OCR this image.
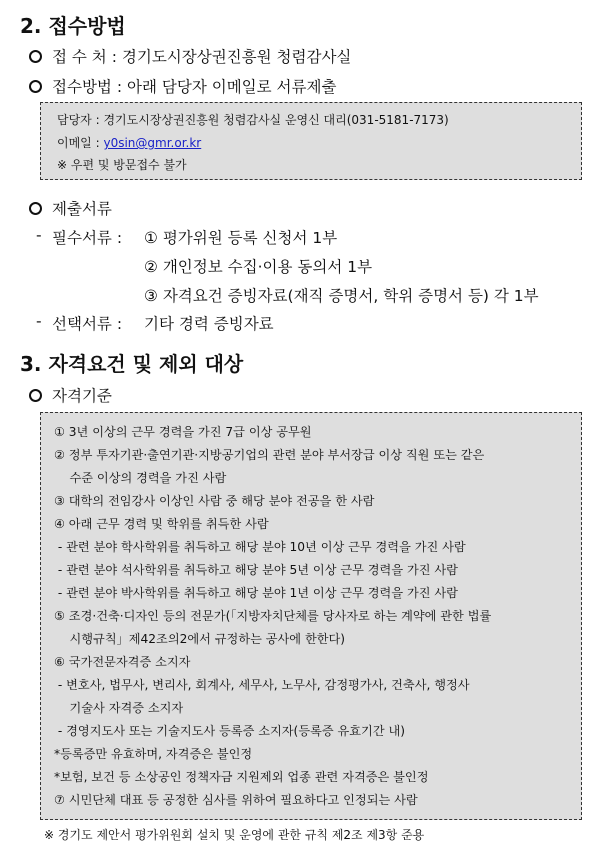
2. 접수방법
접 수 처 : 경기도시장상권진흥원 청렴감사실
접수방법 : 아래 담당자 이메일로 서류제출
담당자 : 경기도시장상권진흥원 청렴감사실 운영신 대리(031-5181-7173)
이메일 : y0sin@gmr.or.kr
※ 우편 및 방문접수 불가
제출서류
- 필수서류 : ① 평가위원 등록 신청서 1부
② 개인정보 수집·이용 동의서 1부
③ 자격요건 증빙자료(재직 증명서, 학위 증명서 등) 각 1부
- 선택서류 : 기타 경력 증빙자료
3. 자격요건 및 제외 대상
자격기준
① 3년 이상의 근무 경력을 가진 7급 이상 공무원
② 정부 투자기관·출연기관·지방공기업의 관련 분야 부서장급 이상 직원 또는 같은
수준 이상의 경력을 가진 사람
③ 대학의 전임강사 이상인 사람 중 해당 분야 전공을 한 사람
④ 아래 근무 경력 및 학위를 취득한 사람
- 관련 분야 학사학위를 취득하고 해당 분야 10년 이상 근무 경력을 가진 사람
- 관련 분야 석사학위를 취득하고 해당 분야 5년 이상 근무 경력을 가진 사람
- 관련 분야 박사학위를 취득하고 해당 분야 1년 이상 근무 경력을 가진 사람
⑤ 조경·건축·디자인 등의 전문가(「지방자치단체를 당사자로 하는 계약에 관한 법률
시행규칙」제42조의2에서 규정하는 공사에 한한다)
⑥ 국가전문자격증 소지자
- 변호사, 법무사, 변리사, 회계사, 세무사, 노무사, 감정평가사, 건축사, 행정사
기술사 자격증 소지자
- 경영지도사 또는 기술지도사 등록증 소지자(등록증 유효기간 내)
*등록증만 유효하며, 자격증은 불인정
*보험, 보건 등 소상공인 정책자금 지원제외 업종 관련 자격증은 불인정
⑦ 시민단체 대표 등 공정한 심사를 위하여 필요하다고 인정되는 사람
※ 경기도 제안서 평가위원회 설치 및 운영에 관한 규칙 제2조 제3항 준용
